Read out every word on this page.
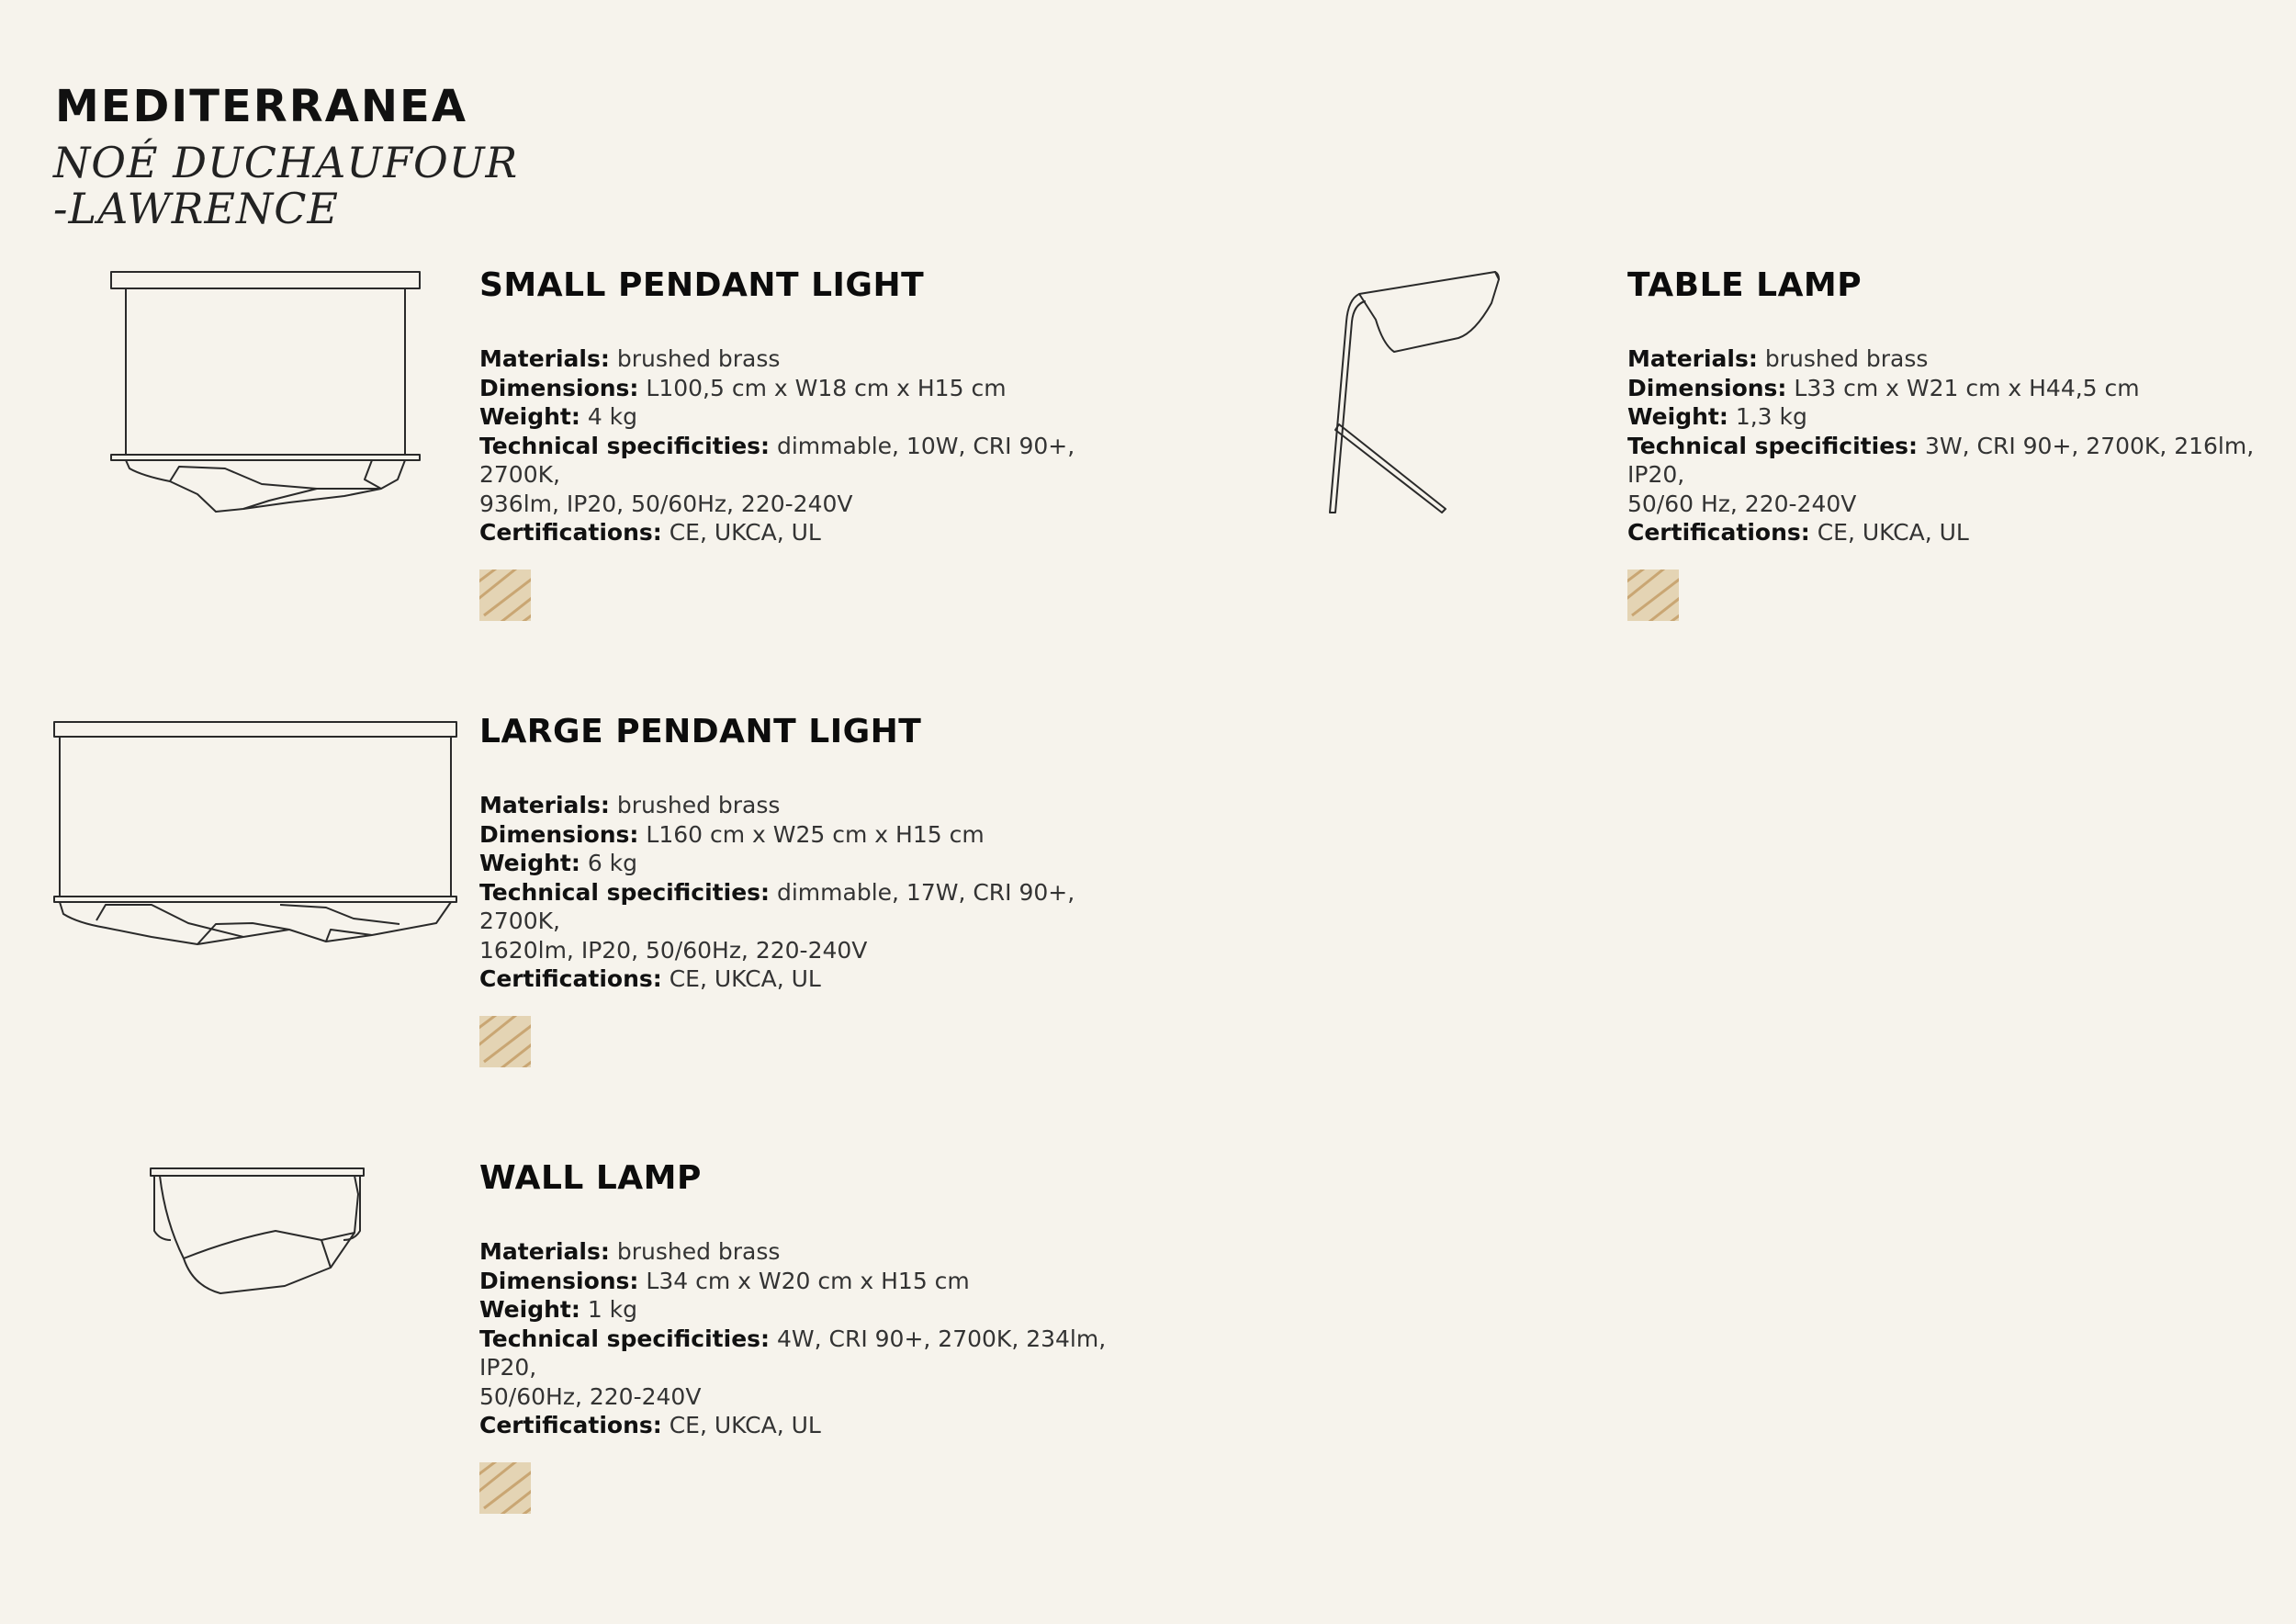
MEDITERRANEA
NOÉ DUCHAUFOUR
-LAWRENCE
SMALL PENDANT LIGHT
Materials: brushed brass
Dimensions: L100,5 cm x W18 cm x H15 cm
Weight: 4 kg
Technical specificities: dimmable, 10W, CRI 90+, 2700K,
936lm, IP20, 50/60Hz, 220-240V
Certifications: CE, UKCA, UL
TABLE LAMP
Materials: brushed brass
Dimensions: L33 cm x W21 cm x H44,5 cm
Weight: 1,3 kg
Technical specificities: 3W, CRI 90+, 2700K, 216lm, IP20,
50/60 Hz, 220-240V
Certifications: CE, UKCA, UL
LARGE PENDANT LIGHT
Materials: brushed brass
Dimensions: L160 cm x W25 cm x H15 cm
Weight: 6 kg
Technical specificities: dimmable, 17W, CRI 90+, 2700K,
1620lm, IP20, 50/60Hz, 220-240V
Certifications: CE, UKCA, UL
WALL LAMP
Materials: brushed brass
Dimensions: L34 cm x W20 cm x H15 cm
Weight: 1 kg
Technical specificities: 4W, CRI 90+, 2700K, 234lm, IP20,
50/60Hz, 220-240V
Certifications: CE, UKCA, UL
